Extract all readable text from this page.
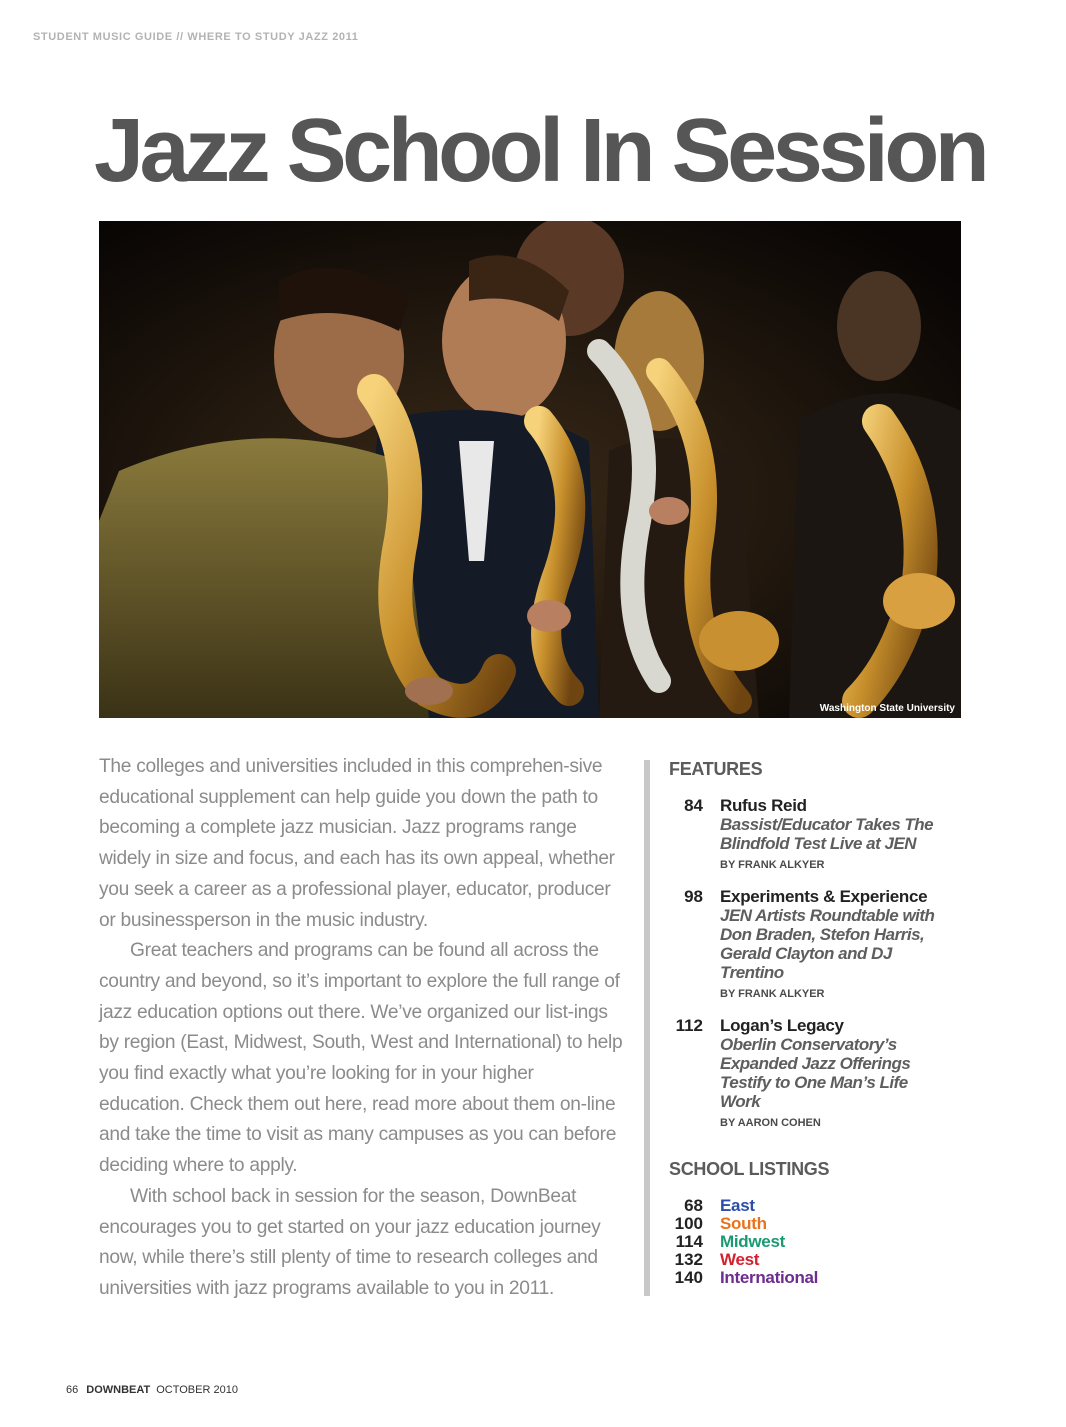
STUDENT MUSIC GUIDE // WHERE TO STUDY JAZZ 2011
Jazz School In Session
Washington State University

The colleges and universities included in this comprehen-sive educational supplement can help guide you down the path to becoming a complete jazz musician. Jazz programs range widely in size and focus, and each has its own appeal, whether you seek a career as a professional player, educator, producer or businessperson in the music industry.

Great teachers and programs can be found all across the country and beyond, so it’s important to explore the full range of jazz education options out there. We’ve organized our list-ings by region (East, Midwest, South, West and International) to help you find exactly what you’re looking for in your higher education. Check them out here, read more about them on-line and take the time to visit as many campuses as you can before deciding where to apply.

With school back in session for the season, DownBeat encourages you to get started on your jazz education journey now, while there’s still plenty of time to research colleges and universities with jazz programs available to you in 2011.

FEATURES
84 Rufus Reid
Bassist/Educator Takes The Blindfold Test Live at JEN
BY FRANK ALKYER
98 Experiments & Experience
JEN Artists Roundtable with Don Braden, Stefon Harris, Gerald Clayton and DJ Trentino
BY FRANK ALKYER
112 Logan’s Legacy
Oberlin Conservatory’s Expanded Jazz Offerings Testify to One Man’s Life Work
BY AARON COHEN
SCHOOL LISTINGS
68 East
100 South
114 Midwest
132 West
140 International
66 DOWNBEAT OCTOBER 2010
